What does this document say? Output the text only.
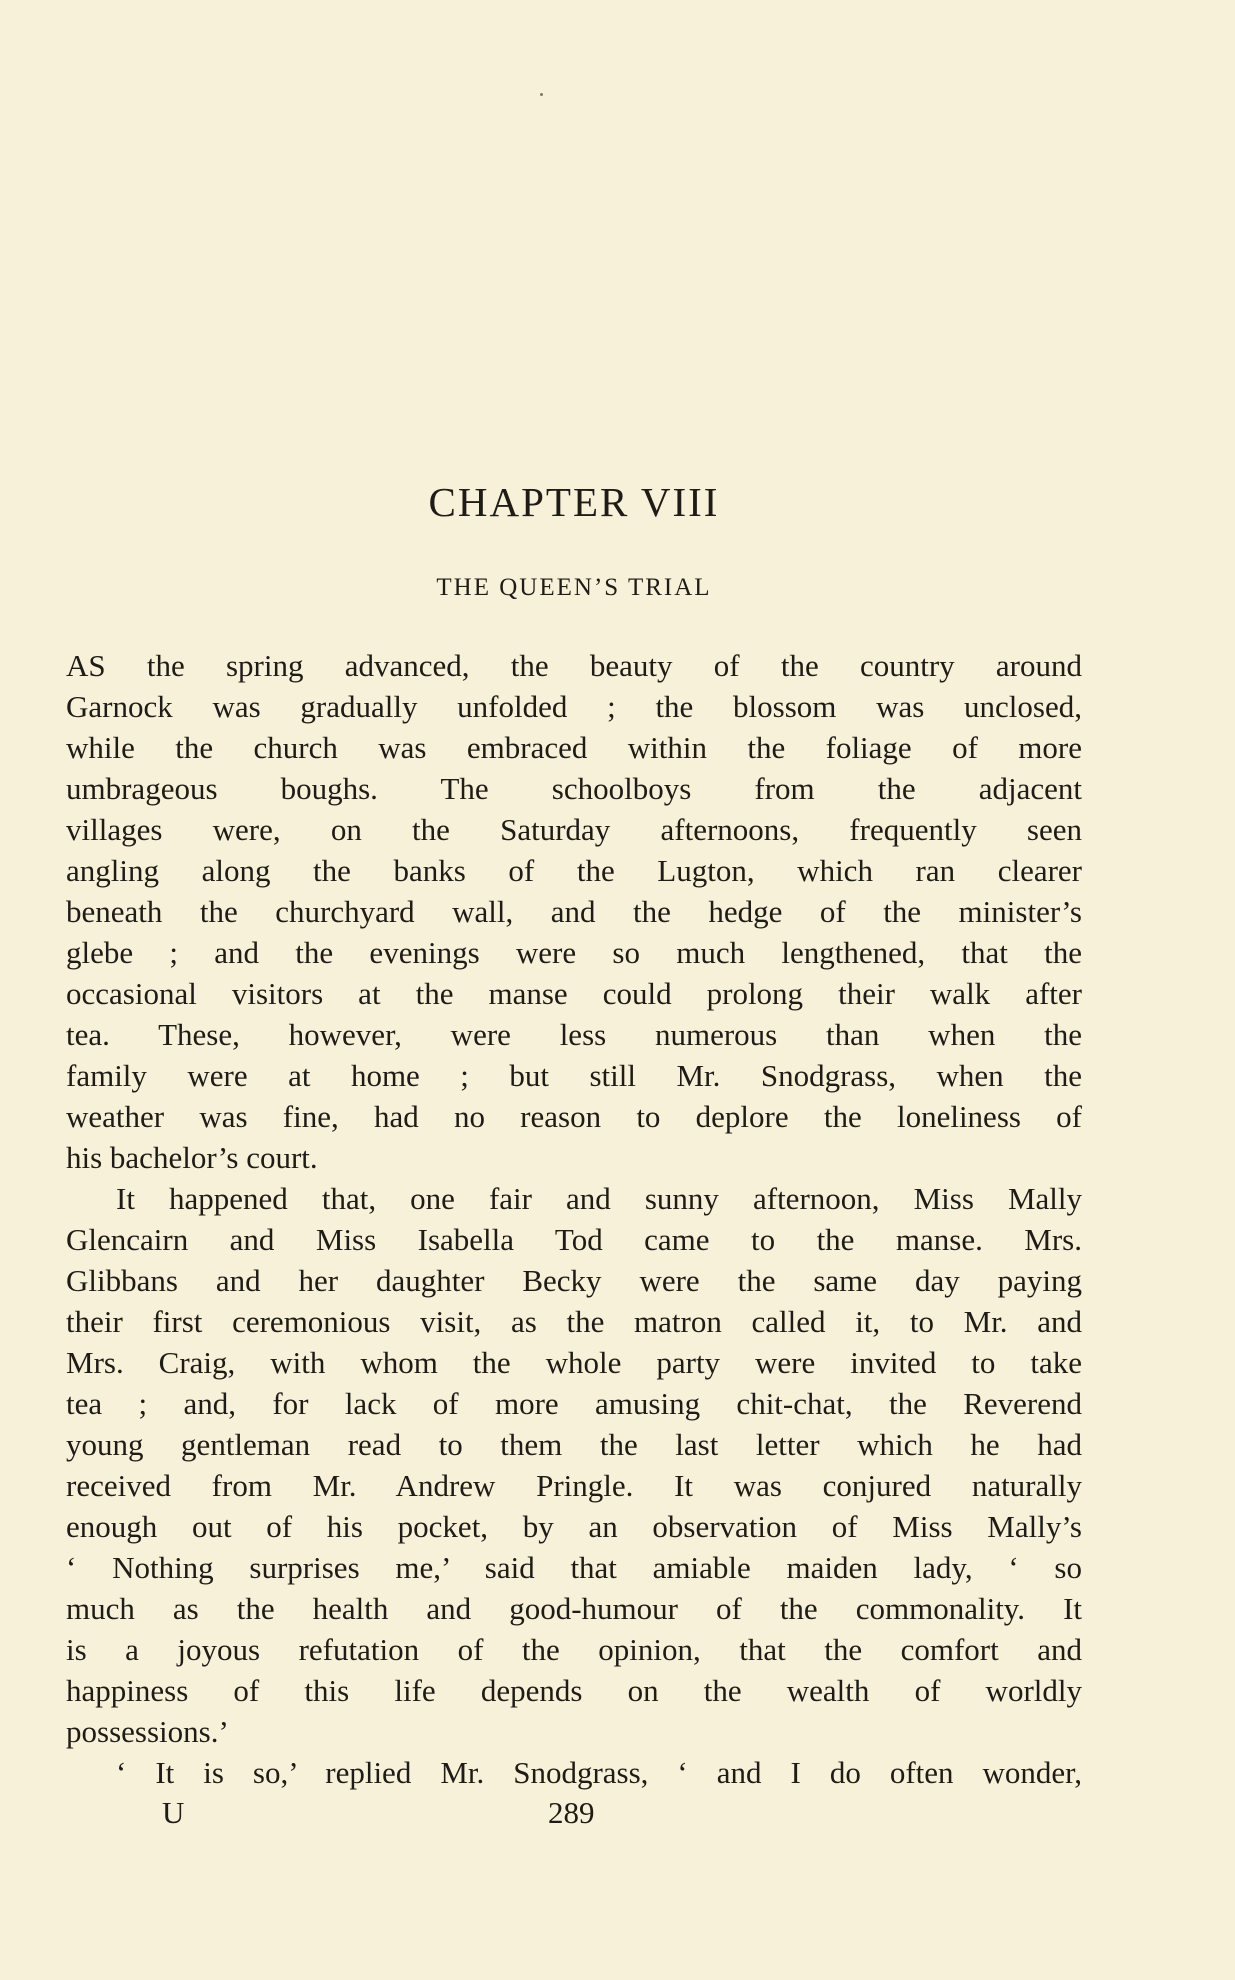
CHAPTER VIII
THE QUEEN’S TRIAL
AS the spring advanced, the beauty of the country around
Garnock was gradually unfolded ; the blossom was unclosed,
while the church was embraced within the foliage of more
umbrageous boughs. The schoolboys from the adjacent
villages were, on the Saturday afternoons, frequently seen
angling along the banks of the Lugton, which ran clearer
beneath the churchyard wall, and the hedge of the minister’s
glebe ; and the evenings were so much lengthened, that the
occasional visitors at the manse could prolong their walk after
tea. These, however, were less numerous than when the
family were at home ; but still Mr. Snodgrass, when the
weather was fine, had no reason to deplore the loneliness of
his bachelor’s court.
It happened that, one fair and sunny afternoon, Miss Mally
Glencairn and Miss Isabella Tod came to the manse. Mrs.
Glibbans and her daughter Becky were the same day paying
their first ceremonious visit, as the matron called it, to Mr. and
Mrs. Craig, with whom the whole party were invited to take
tea ; and, for lack of more amusing chit-chat, the Reverend
young gentleman read to them the last letter which he had
received from Mr. Andrew Pringle. It was conjured naturally
enough out of his pocket, by an observation of Miss Mally’s
‘ Nothing surprises me,’ said that amiable maiden lady, ‘ so
much as the health and good-humour of the commonality. It
is a joyous refutation of the opinion, that the comfort and
happiness of this life depends on the wealth of worldly
possessions.’
‘ It is so,’ replied Mr. Snodgrass, ‘ and I do often wonder,
U	289
